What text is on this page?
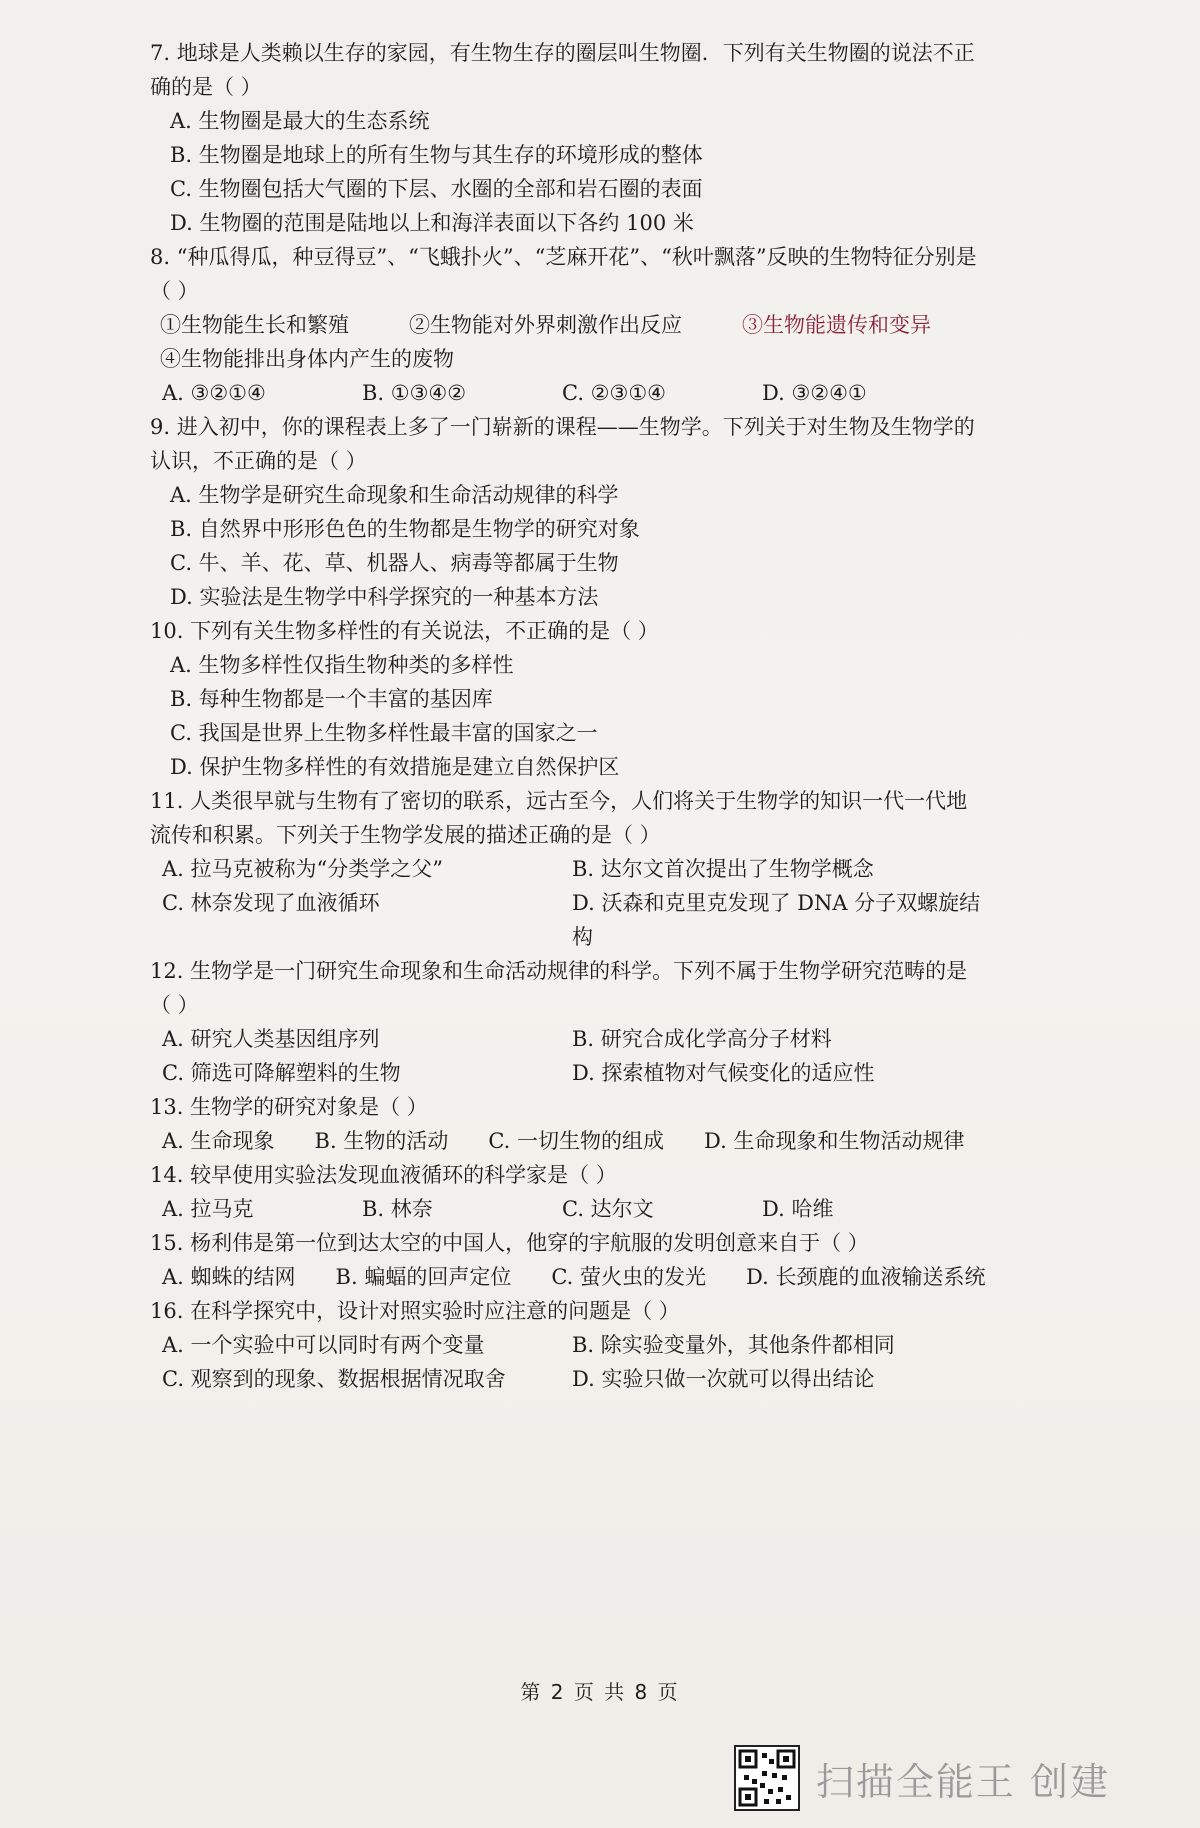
7. 地球是人类赖以生存的家园，有生物生存的圈层叫生物圈．下列有关生物圈的说法不正

确的是（ ）

A. 生物圈是最大的生态系统

B. 生物圈是地球上的所有生物与其生存的环境形成的整体

C. 生物圈包括大气圈的下层、水圈的全部和岩石圈的表面

D. 生物圈的范围是陆地以上和海洋表面以下各约 100 米

8. “种瓜得瓜，种豆得豆”、“飞蛾扑火”、“芝麻开花”、“秋叶飘落”反映的生物特征分别是

（ ）

①生物能生长和繁殖	②生物能对外界刺激作出反应	③生物能遗传和变异
④生物能排出身体内产生的废物
A. ③②①④	B. ①③④②	C. ②③①④	D. ③②④①

9. 进入初中，你的课程表上多了一门崭新的课程——生物学。下列关于对生物及生物学的

认识，不正确的是（ ）

A. 生物学是研究生命现象和生命活动规律的科学

B. 自然界中形形色色的生物都是生物学的研究对象

C. 牛、羊、花、草、机器人、病毒等都属于生物

D. 实验法是生物学中科学探究的一种基本方法

10. 下列有关生物多样性的有关说法，不正确的是（ ）

A. 生物多样性仅指生物种类的多样性

B. 每种生物都是一个丰富的基因库

C. 我国是世界上生物多样性最丰富的国家之一

D. 保护生物多样性的有效措施是建立自然保护区

11. 人类很早就与生物有了密切的联系，远古至今，人们将关于生物学的知识一代一代地

流传和积累。下列关于生物学发展的描述正确的是（ ）

A. 拉马克被称为“分类学之父”	B. 达尔文首次提出了生物学概念
C. 林奈发现了血液循环	D. 沃森和克里克发现了 DNA 分子双螺旋结构

12. 生物学是一门研究生命现象和生命活动规律的科学。下列不属于生物学研究范畴的是

（ ）

A. 研究人类基因组序列	B. 研究合成化学高分子材料
C. 筛选可降解塑料的生物	D. 探索植物对气候变化的适应性

13. 生物学的研究对象是（ ）

A. 生命现象 B. 生物的活动 C. 一切生物的组成 D. 生命现象和生物活动规律

14. 较早使用实验法发现血液循环的科学家是（ ）

A. 拉马克	B. 林奈	C. 达尔文	D. 哈维

15. 杨利伟是第一位到达太空的中国人，他穿的宇航服的发明创意来自于（ ）

A. 蜘蛛的结网 B. 蝙蝠的回声定位 C. 萤火虫的发光 D. 长颈鹿的血液输送系统

16. 在科学探究中，设计对照实验时应注意的问题是（ ）

A. 一个实验中可以同时有两个变量	B. 除实验变量外，其他条件都相同
C. 观察到的现象、数据根据情况取舍	D. 实验只做一次就可以得出结论
第 2 页 共 8 页
扫描全能王 创建
